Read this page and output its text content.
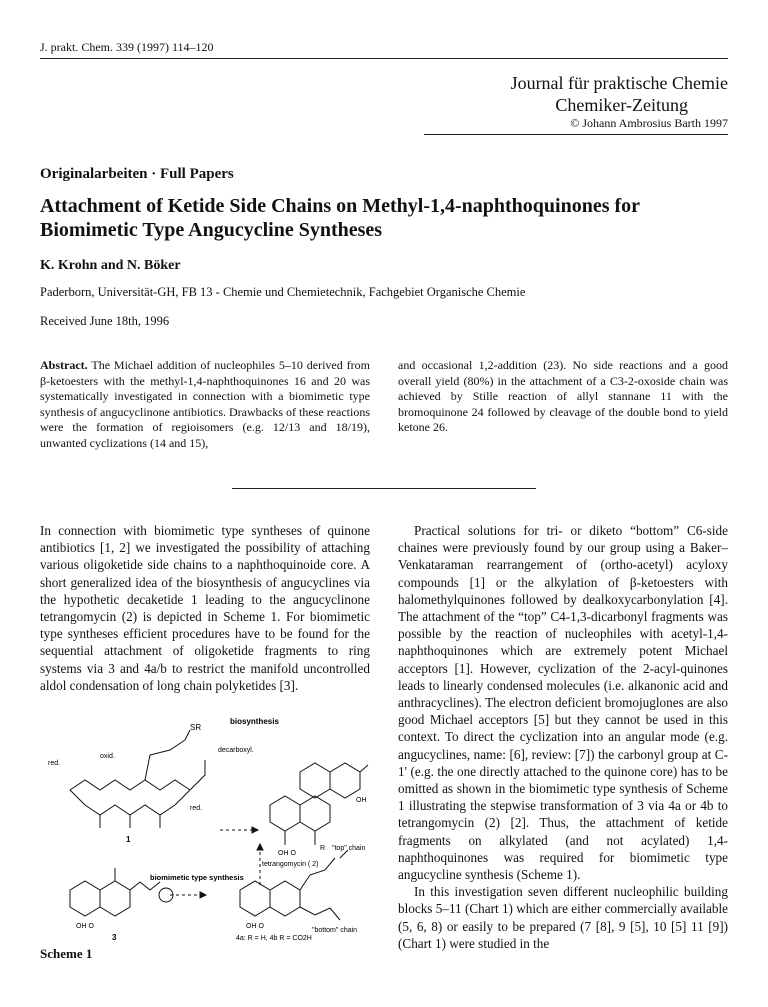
J. prakt. Chem. 339 (1997) 114–120
Journal für praktische Chemie
Chemiker-Zeitung
© Johann Ambrosius Barth 1997
Originalarbeiten · Full Papers
Attachment of Ketide Side Chains on Methyl-1,4-naphthoquinones for Biomimetic Type Angucycline Syntheses
K. Krohn and N. Böker
Paderborn, Universität-GH, FB 13 - Chemie und Chemietechnik, Fachgebiet Organische Chemie
Received June 18th, 1996
Abstract. The Michael addition of nucleophiles 5–10 derived from β-ketoesters with the methyl-1,4-naphthoquinones 16 and 20 was systematically investigated in connection with a biomimetic type synthesis of angucyclinone antibiotics. Drawbacks of these reactions were the formation of regioisomers (e.g. 12/13 and 18/19), unwanted cyclizations (14 and 15),
and occasional 1,2-addition (23). No side reactions and a good overall yield (80%) in the attachment of a C3-2-oxoside chain was achieved by Stille reaction of allyl stannane 11 with the bromoquinone 24 followed by cleavage of the double bond to yield ketone 26.

In connection with biomimetic type syntheses of quinone antibiotics [1, 2] we investigated the possibility of attaching various oligoketide side chains to a naphthoquinoide core. A short generalized idea of the biosynthesis of angucyclines via the hypothetic decaketide 1 leading to the angucyclinone tetrangomycin (2) is depicted in Scheme 1. For biomimetic type syntheses efficient procedures have to be found for the sequential attachment of oligoketide fragments to ring systems via 3 and 4a/b to restrict the manifold uncontrolled aldol condensation of long chain polyketides [3].

biosynthesis
SR
decarboxyl.
red.
oxid.
red.
1
OH
OH O
tetrangomycin ( 2)
biomimetic type synthesis
R "top" chain
"bottom" chain
OH O
3
OH O
4a: R = H, 4b R = CO2H
Scheme 1

Practical solutions for tri- or diketo “bottom” C6-side chaines were previously found by our group using a Baker–Venkataraman rearrangement of (ortho-acetyl) acyloxy compounds [1] or the alkylation of β-ketoesters with halomethylquinones followed by dealkoxycarbonylation [4]. The attachment of the “top” C4-1,3-dicarbonyl fragments was possible by the reaction of nucleophiles with acetyl-1,4-naphthoquinones which are extremely potent Michael acceptors [1]. However, cyclization of the 2-acyl-quinones leads to linearly condensed molecules (i.e. alkanonic acid and anthracyclines). The electron deficient bromojuglones are also good Michael acceptors [5] but they cannot be used in this context. To direct the cyclization into an angular mode (e.g. angucyclines, name: [6], review: [7]) the carbonyl group at C-1' (e.g. the one directly attached to the quinone core) has to be omitted as shown in the biomimetic type synthesis of Scheme 1 illustrating the stepwise transformation of 3 via 4a or 4b to tetrangomycin (2) [2]. Thus, the attachment of ketide fragments on alkylated (and not acylated) 1,4-naphthoquinones was required for biomimetic type angucycline synthesis (Scheme 1).

In this investigation seven different nucleophilic building blocks 5–11 (Chart 1) which are either commercially available (5, 6, 8) or easily to be prepared (7 [8], 9 [5], 10 [5] 11 [9]) (Chart 1) were studied in the
